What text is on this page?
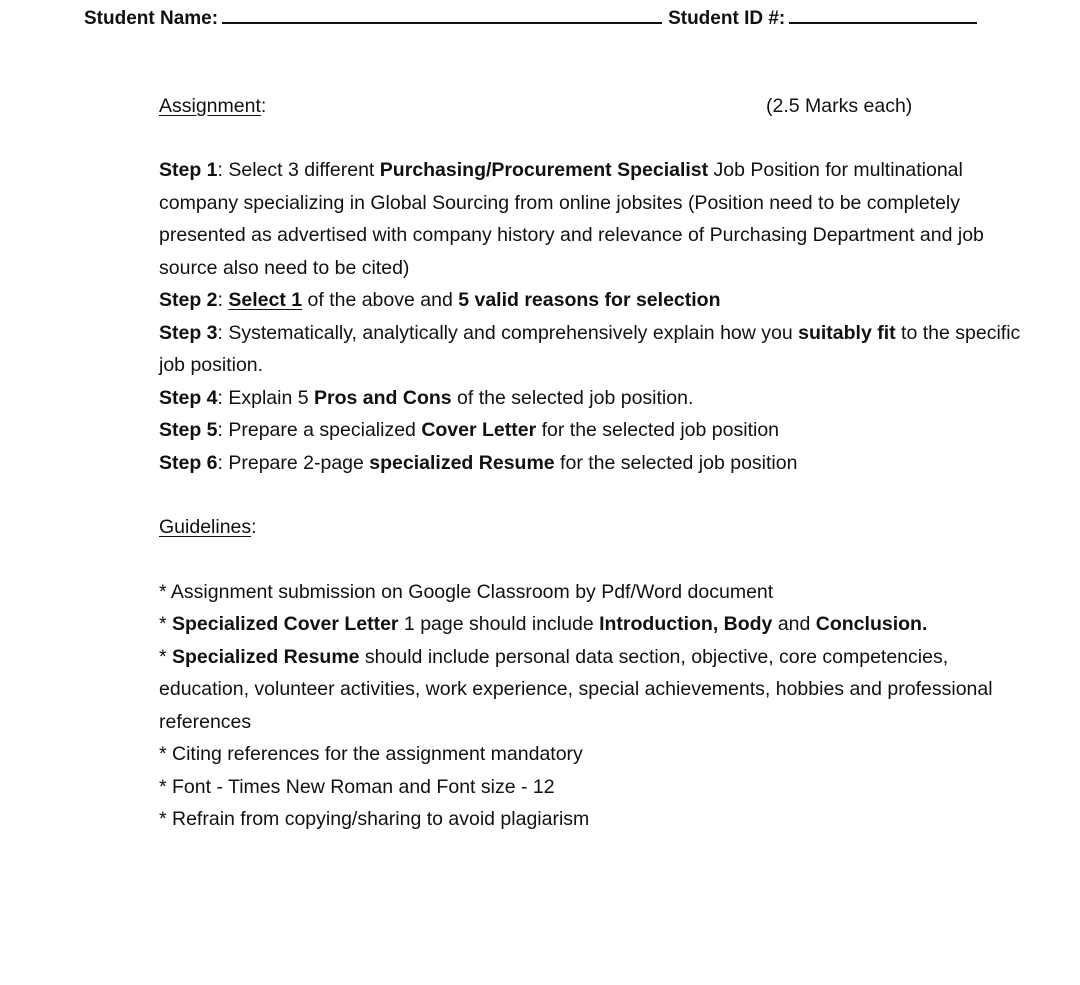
Student Name:	Student ID #:
Assignment:	(2.5 Marks each)

Step 1: Select 3 different Purchasing/Procurement Specialist Job Position for multinational company specializing in Global Sourcing from online jobsites (Position need to be completely presented as advertised with company history and relevance of Purchasing Department and job source also need to be cited)

Step 2: Select 1 of the above and 5 valid reasons for selection

Step 3: Systematically, analytically and comprehensively explain how you suitably fit to the specific job position.

Step 4: Explain 5 Pros and Cons of the selected job position.

Step 5: Prepare a specialized Cover Letter for the selected job position

Step 6: Prepare 2-page specialized Resume for the selected job position

Guidelines:

* Assignment submission on Google Classroom by Pdf/Word document

* Specialized Cover Letter 1 page should include Introduction, Body and Conclusion.

* Specialized Resume should include personal data section, objective, core competencies, education, volunteer activities, work experience, special achievements, hobbies and professional references

* Citing references for the assignment mandatory

* Font - Times New Roman and Font size - 12

* Refrain from copying/sharing to avoid plagiarism
